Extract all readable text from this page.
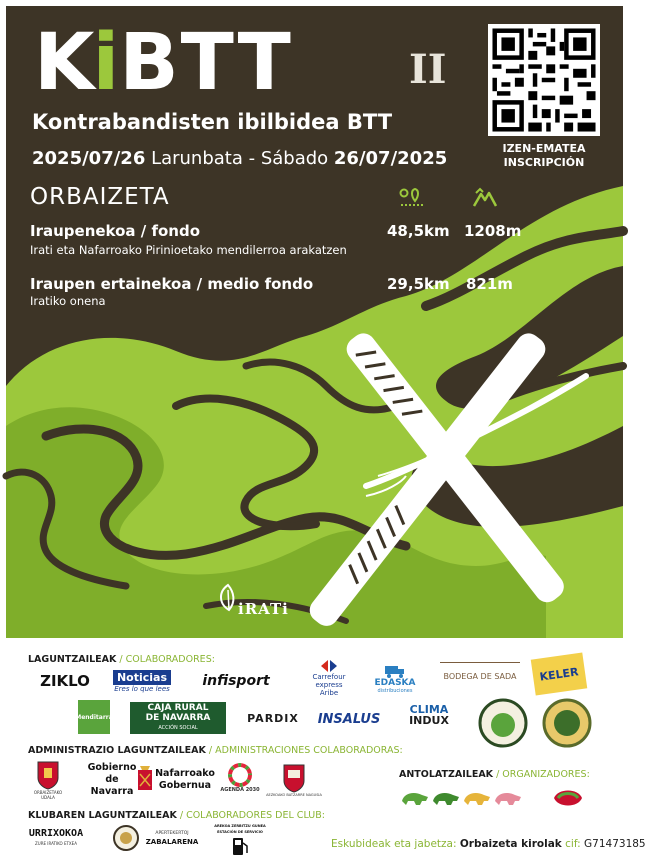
KiBTT	II
Kontrabandisten ibilbidea BTT
2025/07/26 Larunbata - Sábado 26/07/2025	IZEN-EMATEA
INSCRIPCIÓN
ORBAIZETA
Iraupenekoa / fondo
Irati eta Nafarroako Pirinioetako mendilerroa arakatzen
48,5km 1208m
Iraupen ertainekoa / medio fondo
Iratiko onena
29,5km 821m
iRATi
LAGUNTZAILEAK / COLABORADORES:
ZIKLO	Noticias
Eres lo que lees	infisport	Carrefour
express
Aribe
EDASKA
distribuciones
BODEGA DE SADA	KELER
Menditarra
CAJA RURAL
DE NAVARRA
ACCIÓN SOCIAL
PARDIX	INSALUS
CLIMA
INDUX
ADMINISTRAZIO LAGUNTZAILEAK / ADMINISTRACIONES COLABORADORAS:
ORBAIZETAKO UDALA
Gobierno
de Navarra
Nafarroako
Gobernua AGENDA 2030
AEZKOAKO BATZARRE NAGUSIA
ANTOLATZAILEAK / ORGANIZADORES:
KLUBAREN LAGUNTZAILEAK / COLABORADORES DEL CLUB:
URRIXOKOA
ZURE IRATIKO ETXEA
APERTEKERTOJ
ZABALARENA
AREKOA ZERBITZU GUNEA
ESTACIÓN DE SERVICIO
Eskubideak eta jabetza: Orbaizeta kirolak cif: G71473185
